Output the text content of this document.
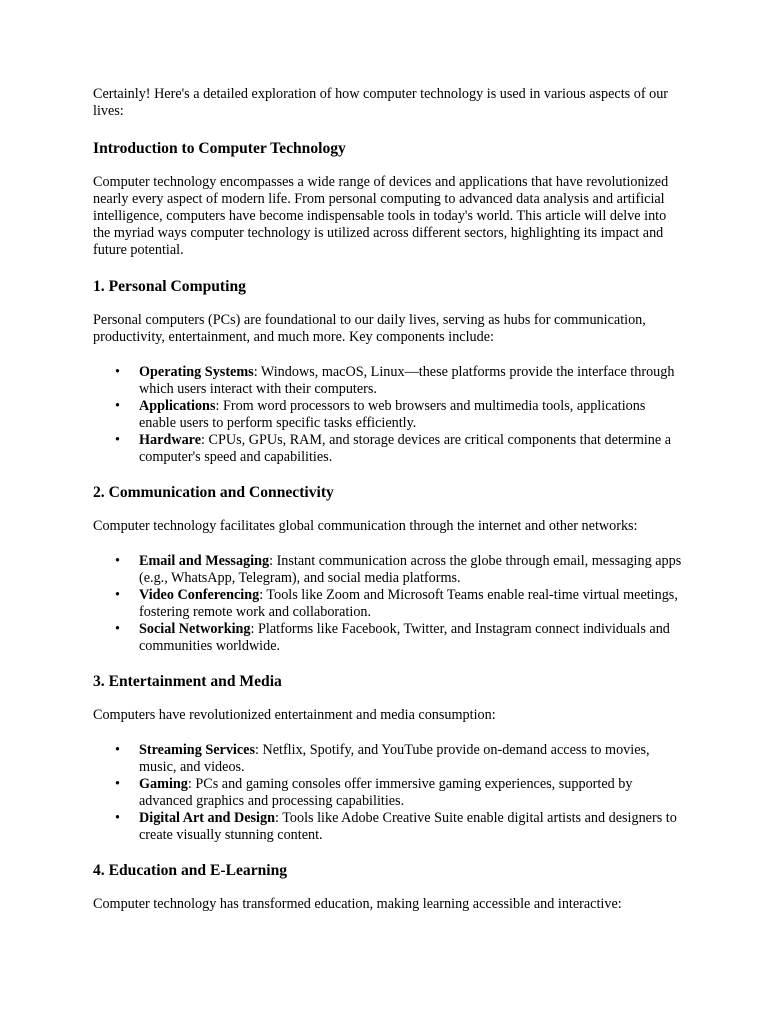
Certainly! Here's a detailed exploration of how computer technology is used in various aspects of our lives:

Introduction to Computer Technology

Computer technology encompasses a wide range of devices and applications that have revolutionized nearly every aspect of modern life. From personal computing to advanced data analysis and artificial intelligence, computers have become indispensable tools in today's world. This article will delve into the myriad ways computer technology is utilized across different sectors, highlighting its impact and future potential.

1. Personal Computing

Personal computers (PCs) are foundational to our daily lives, serving as hubs for communication, productivity, entertainment, and much more. Key components include:

• Operating Systems: Windows, macOS, Linux—these platforms provide the interface through which users interact with their computers.
• Applications: From word processors to web browsers and multimedia tools, applications enable users to perform specific tasks efficiently.
• Hardware: CPUs, GPUs, RAM, and storage devices are critical components that determine a computer's speed and capabilities.
2. Communication and Connectivity

Computer technology facilitates global communication through the internet and other networks:

• Email and Messaging: Instant communication across the globe through email, messaging apps (e.g., WhatsApp, Telegram), and social media platforms.
• Video Conferencing: Tools like Zoom and Microsoft Teams enable real-time virtual meetings, fostering remote work and collaboration.
• Social Networking: Platforms like Facebook, Twitter, and Instagram connect individuals and communities worldwide.
3. Entertainment and Media

Computers have revolutionized entertainment and media consumption:

• Streaming Services: Netflix, Spotify, and YouTube provide on-demand access to movies, music, and videos.
• Gaming: PCs and gaming consoles offer immersive gaming experiences, supported by advanced graphics and processing capabilities.
• Digital Art and Design: Tools like Adobe Creative Suite enable digital artists and designers to create visually stunning content.
4. Education and E-Learning

Computer technology has transformed education, making learning accessible and interactive:
